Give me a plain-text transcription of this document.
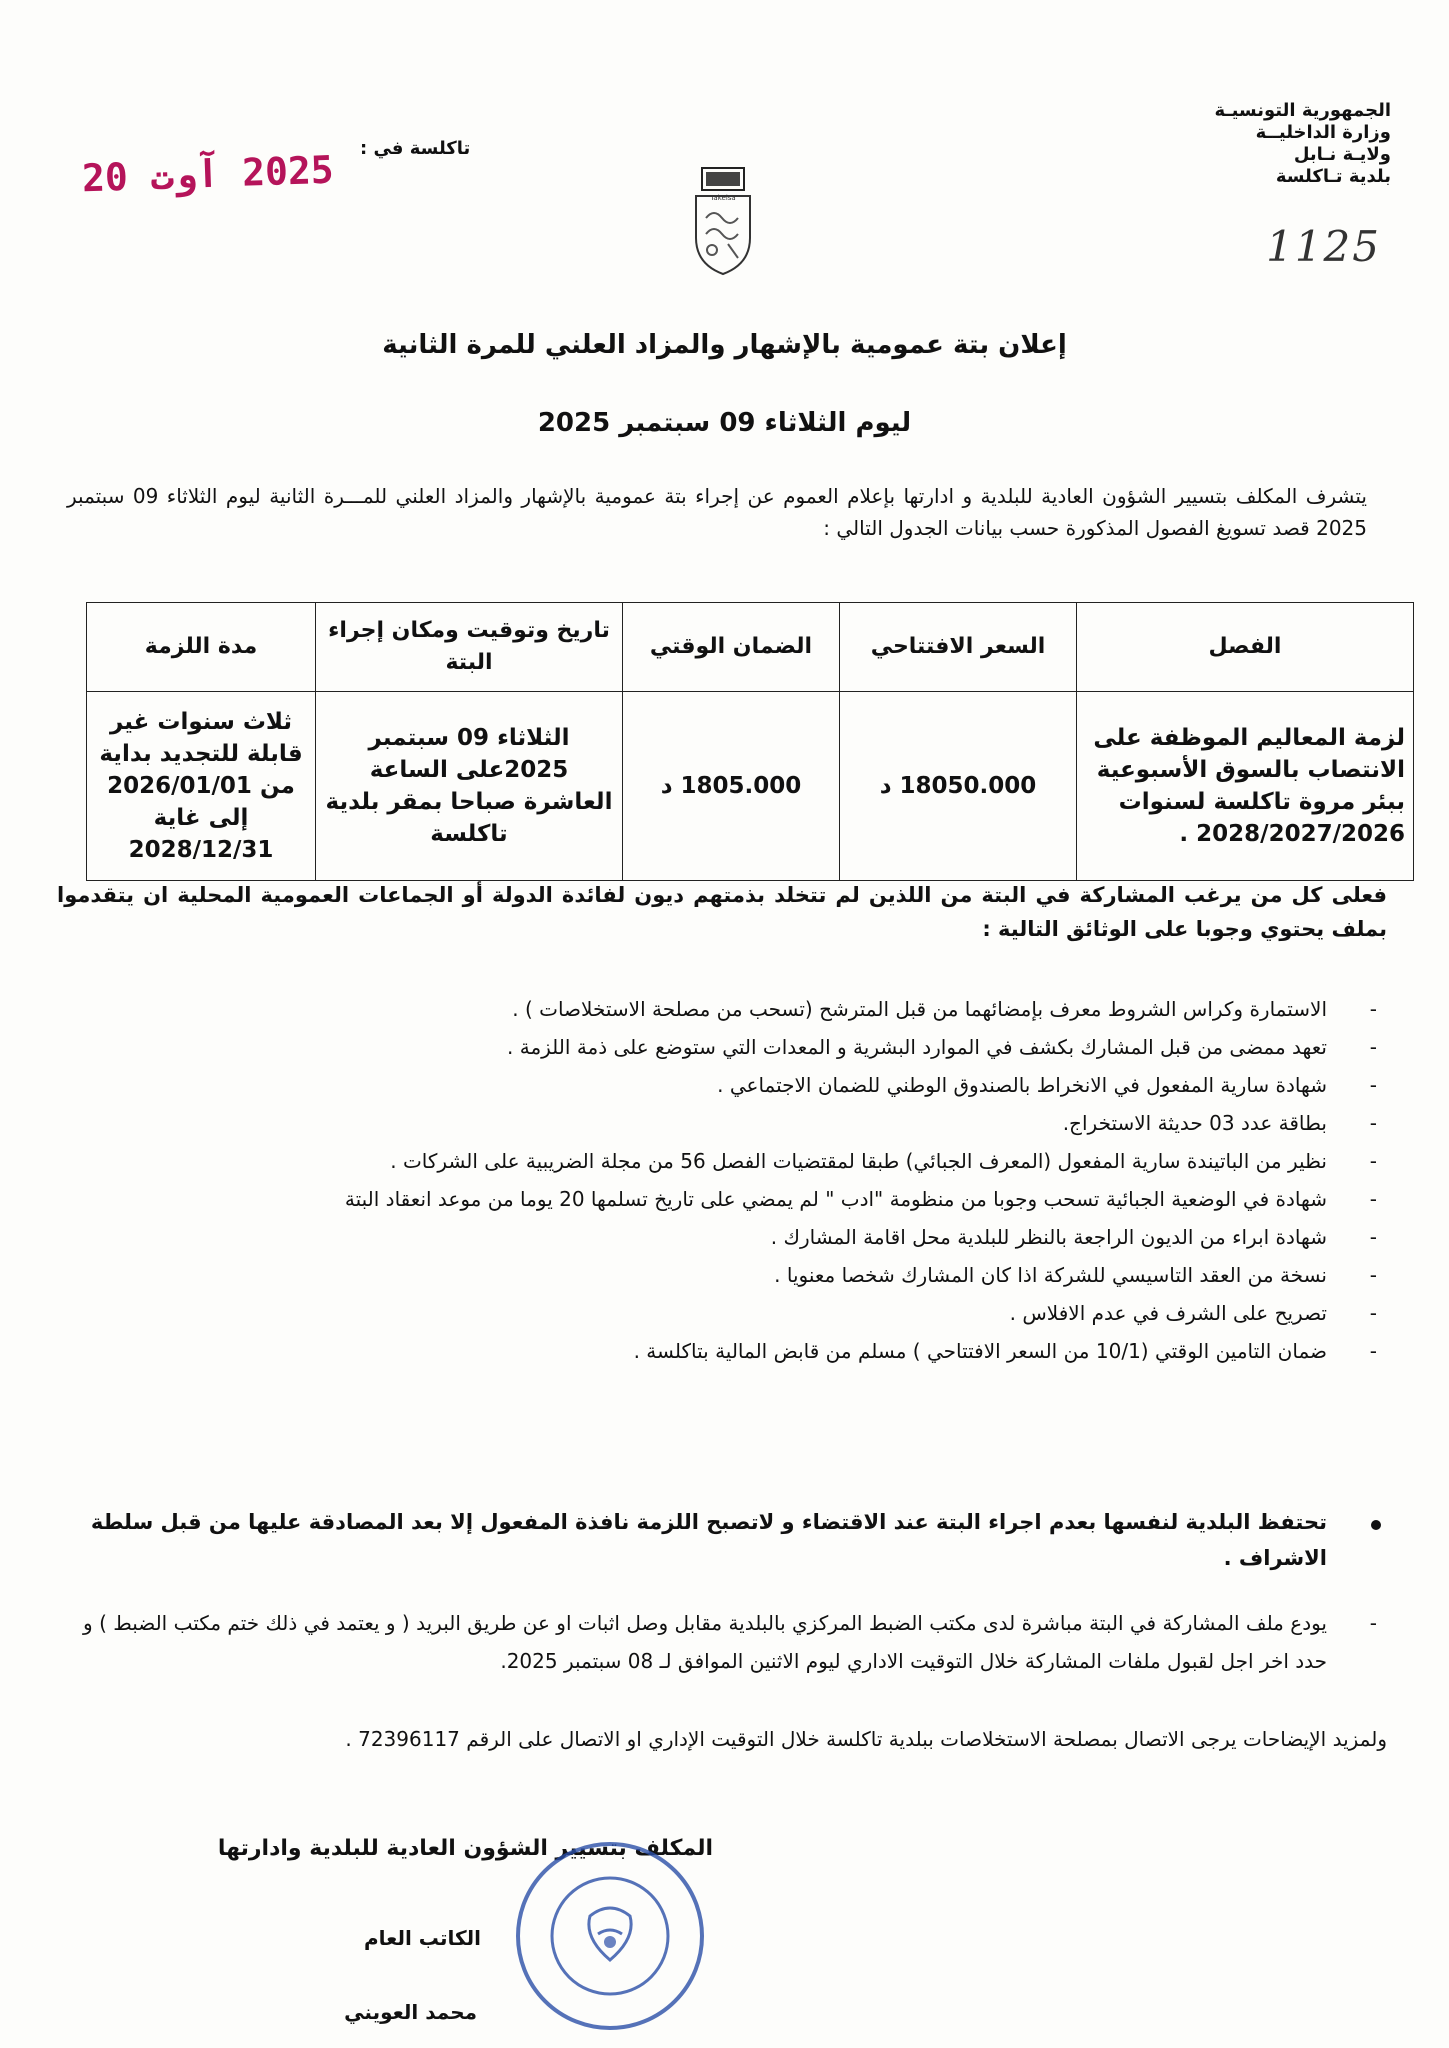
الجمهورية التونسيـة
وزارة الداخليــة
ولايـة نـابل
بلدية تـاكلسة
1125
تاكلسة في :
2025 آوت 20
Takelsa
إعلان بتة عمومية بالإشهار والمزاد العلني للمرة الثانية
ليوم الثلاثاء 09 سبتمبر 2025
يتشرف المكلف بتسيير الشؤون العادية للبلدية و ادارتها بإعلام العموم عن إجراء بتة عمومية بالإشهار والمزاد العلني للمـــرة الثانية ليوم الثلاثاء 09 سبتمبر 2025 قصد تسويغ الفصول المذكورة حسب بيانات الجدول التالي :
الفصل	السعر الافتتاحي	الضمان الوقتي	تاريخ وتوقيت ومكان إجراء البتة	مدة اللزمة
لزمة المعاليم الموظفة على الانتصاب بالسوق الأسبوعية ببئر مروة تاكلسة لسنوات 2028/2027/2026 .	18050.000 د	1805.000 د	الثلاثاء 09 سبتمبر 2025على الساعة العاشرة صباحا بمقر بلدية تاكلسة	ثلاث سنوات غير قابلة للتجديد بداية من 2026/01/01 إلى غاية 2028/12/31
فعلى كل من يرغب المشاركة في البتة من اللذين لم تتخلد بذمتهم ديون لفائدة الدولة أو الجماعات العمومية المحلية ان يتقدموا بملف يحتوي وجوبا على الوثائق التالية :
-
الاستمارة وكراس الشروط معرف بإمضائهما من قبل المترشح (تسحب من مصلحة الاستخلاصات ) .
-
تعهد ممضى من قبل المشارك بكشف في الموارد البشرية و المعدات التي ستوضع على ذمة اللزمة .
-
شهادة سارية المفعول في الانخراط بالصندوق الوطني للضمان الاجتماعي .
-
بطاقة عدد 03 حديثة الاستخراج.
-
نظير من الباتيندة سارية المفعول (المعرف الجبائي) طبقا لمقتضيات الفصل 56 من مجلة الضريبية على الشركات .
-
شهادة في الوضعية الجبائية تسحب وجوبا من منظومة "ادب " لم يمضي على تاريخ تسلمها 20 يوما من موعد انعقاد البتة
-
شهادة ابراء من الديون الراجعة بالنظر للبلدية محل اقامة المشارك .
-
نسخة من العقد التاسيسي للشركة اذا كان المشارك شخصا معنويا .
-
تصريح على الشرف في عدم الافلاس .
-
ضمان التامين الوقتي (10/1 من السعر الافتتاحي ) مسلم من قابض المالية بتاكلسة .
تحتفظ البلدية لنفسها بعدم اجراء البتة عند الاقتضاء و لاتصبح اللزمة نافذة المفعول إلا بعد المصادقة عليها من قبل سلطة الاشراف .
-
يودع ملف المشاركة في البتة مباشرة لدى مكتب الضبط المركزي بالبلدية مقابل وصل اثبات او عن طريق البريد ( و يعتمد في ذلك ختم مكتب الضبط ) و حدد اخر اجل لقبول ملفات المشاركة خلال التوقيت الاداري ليوم الاثنين الموافق لـ 08 سبتمبر 2025.
ولمزيد الإيضاحات يرجى الاتصال بمصلحة الاستخلاصات ببلدية تاكلسة خلال التوقيت الإداري او الاتصال على الرقم 72396117 .
المكلف بتسيير الشؤون العادية للبلدية وادارتها
الكاتب العام
محمد العويني
